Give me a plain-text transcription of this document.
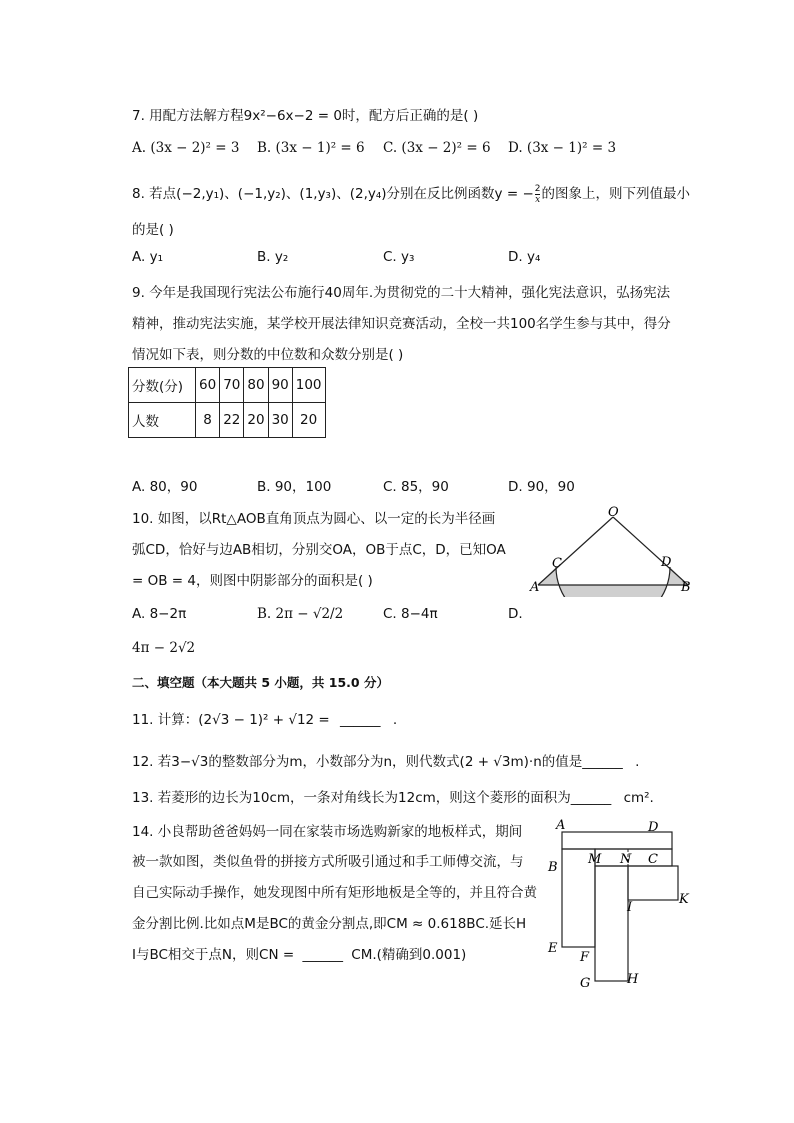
7. 用配方法解方程9x²−6x−2 = 0时，配方后正确的是( )
A. (3x − 2)² = 3 B. (3x − 1)² = 6 C. (3x − 2)² = 6 D. (3x − 1)² = 3
8. 若点(−2,y₁)、(−1,y₂)、(1,y₃)、(2,y₄)分别在反比例函数y = − $\frac{2}{x}$ 的图象上，则下列值最小
的是( )
A. y₁	B. y₂	C. y₃	D. y₄
9. 今年是我国现行宪法公布施行40周年.为贯彻党的二十大精神，强化宪法意识，弘扬宪法
精神，推动宪法实施，某学校开展法律知识竞赛活动，全校一共100名学生参与其中，得分
情况如下表，则分数的中位数和众数分别是( )
分数(分)	60	70	80	90	100
人数	8	22	20	30	20
A. 80，90	B. 90，100	C. 85，90	D. 90，90
10. 如图，以Rt△AOB直角顶点为圆心、以一定的长为半径画
弧CD，恰好与边AB相切，分别交OA，OB于点C，D，已知OA
= OB = 4，则图中阴影部分的面积是( )
A. 8−2π	B. 2π − √2/2	C. 8−4π	D.
4π − 2√2
O
A	B
C	D
二、填空题（本大题共 5 小题，共 15.0 分）
11. 计算：(2√3 − 1)² + √12 = ______ .
12. 若3−√3的整数部分为m，小数部分为n，则代数式(2 + √3m)·n的值是______ .
13. 若菱形的边长为10cm，一条对角线长为12cm，则这个菱形的面积为______ cm².
14. 小良帮助爸爸妈妈一同在家装市场选购新家的地板样式，期间
被一款如图，类似鱼骨的拼接方式所吸引通过和手工师傅交流，与
自己实际动手操作，她发现图中所有矩形地板是全等的，并且符合黄
金分割比例.比如点M是BC的黄金分割点,即CM ≈ 0.618BC.延长H
I与BC相交于点N，则CN = ______ CM.(精确到0.001)
A	D
B
C
M N
I
K
E
F
G	H
